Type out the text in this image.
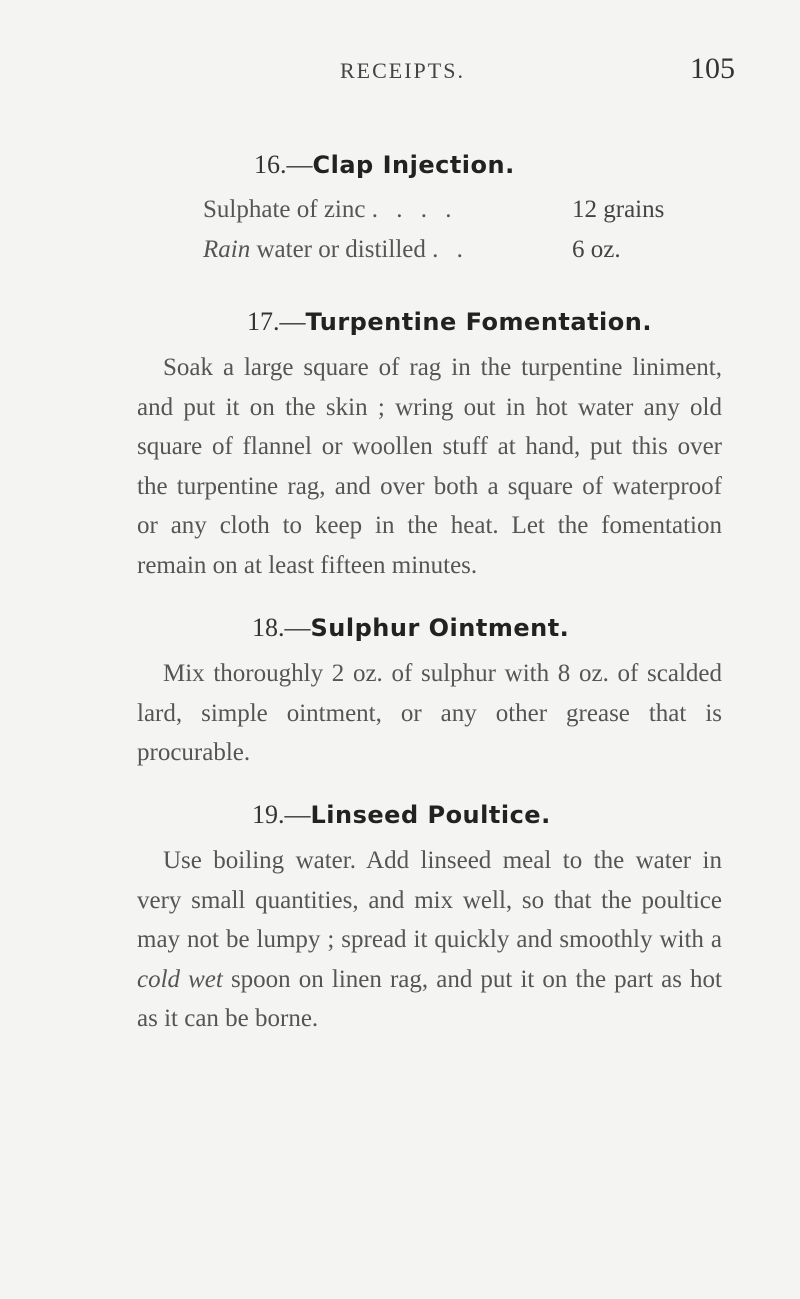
RECEIPTS.	105
16.—Clap Injection.
Sulphate of zinc . . . .	12 grains
Rain water or distilled . .	6 oz.
17.—Turpentine Fomentation.

Soak a large square of rag in the turpentine liniment, and put it on the skin ; wring out in hot water any old square of flannel or woollen stuff at hand, put this over the turpentine rag, and over both a square of waterproof or any cloth to keep in the heat. Let the fomentation remain on at least fifteen minutes.

18.—Sulphur Ointment.

Mix thoroughly 2 oz. of sulphur with 8 oz. of scalded lard, simple ointment, or any other grease that is procurable.

19.—Linseed Poultice.

Use boiling water. Add linseed meal to the water in very small quantities, and mix well, so that the poultice may not be lumpy ; spread it quickly and smoothly with a cold wet spoon on linen rag, and put it on the part as hot as it can be borne.
